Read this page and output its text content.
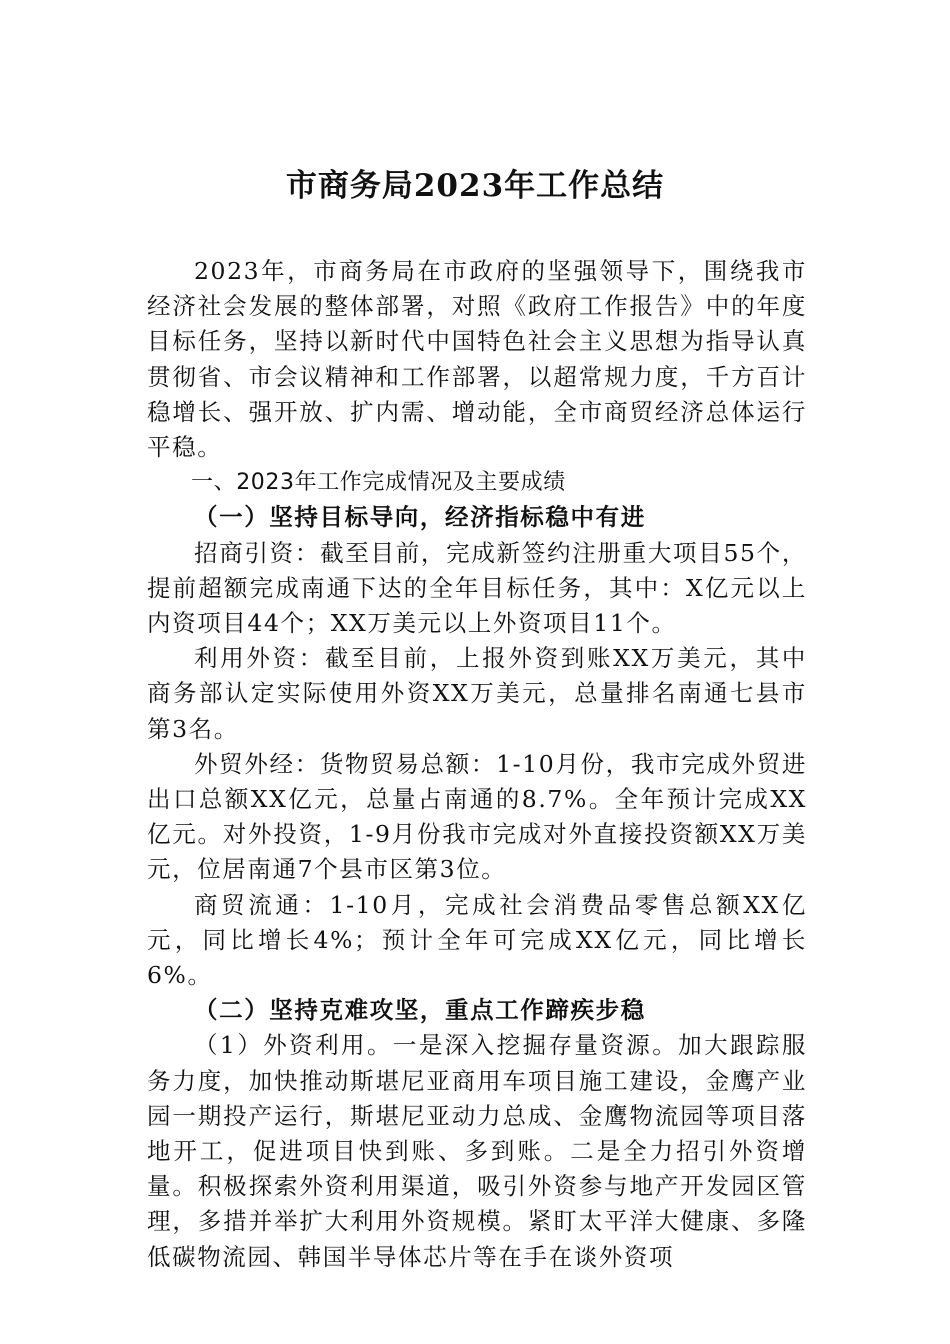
市商务局2023年工作总结

2023年，市商务局在市政府的坚强领导下，围绕我市经济社会发展的整体部署，对照《政府工作报告》中的年度目标任务，坚持以新时代中国特色社会主义思想为指导认真贯彻省、市会议精神和工作部署，以超常规力度，千方百计稳增长、强开放、扩内需、增动能，全市商贸经济总体运行平稳。

一、2023年工作完成情况及主要成绩

（一）坚持目标导向，经济指标稳中有进

招商引资：截至目前，完成新签约注册重大项目55个，提前超额完成南通下达的全年目标任务，其中：X亿元以上内资项目44个；XX万美元以上外资项目11个。

利用外资：截至目前，上报外资到账XX万美元，其中商务部认定实际使用外资XX万美元，总量排名南通七县市第3名。

外贸外经：货物贸易总额：1-10月份，我市完成外贸进出口总额XX亿元，总量占南通的8.7%。全年预计完成XX亿元。对外投资，1-9月份我市完成对外直接投资额XX万美元，位居南通7个县市区第3位。

商贸流通：1-10月，完成社会消费品零售总额XX亿元，同比增长4%；预计全年可完成XX亿元，同比增长6%。

（二）坚持克难攻坚，重点工作蹄疾步稳

（1）外资利用。一是深入挖掘存量资源。加大跟踪服务力度，加快推动斯堪尼亚商用车项目施工建设，金鹰产业园一期投产运行，斯堪尼亚动力总成、金鹰物流园等项目落地开工，促进项目快到账、多到账。二是全力招引外资增量。积极探索外资利用渠道，吸引外资参与地产开发园区管理，多措并举扩大利用外资规模。紧盯太平洋大健康、多隆低碳物流园、韩国半导体芯片等在手在谈外资项
